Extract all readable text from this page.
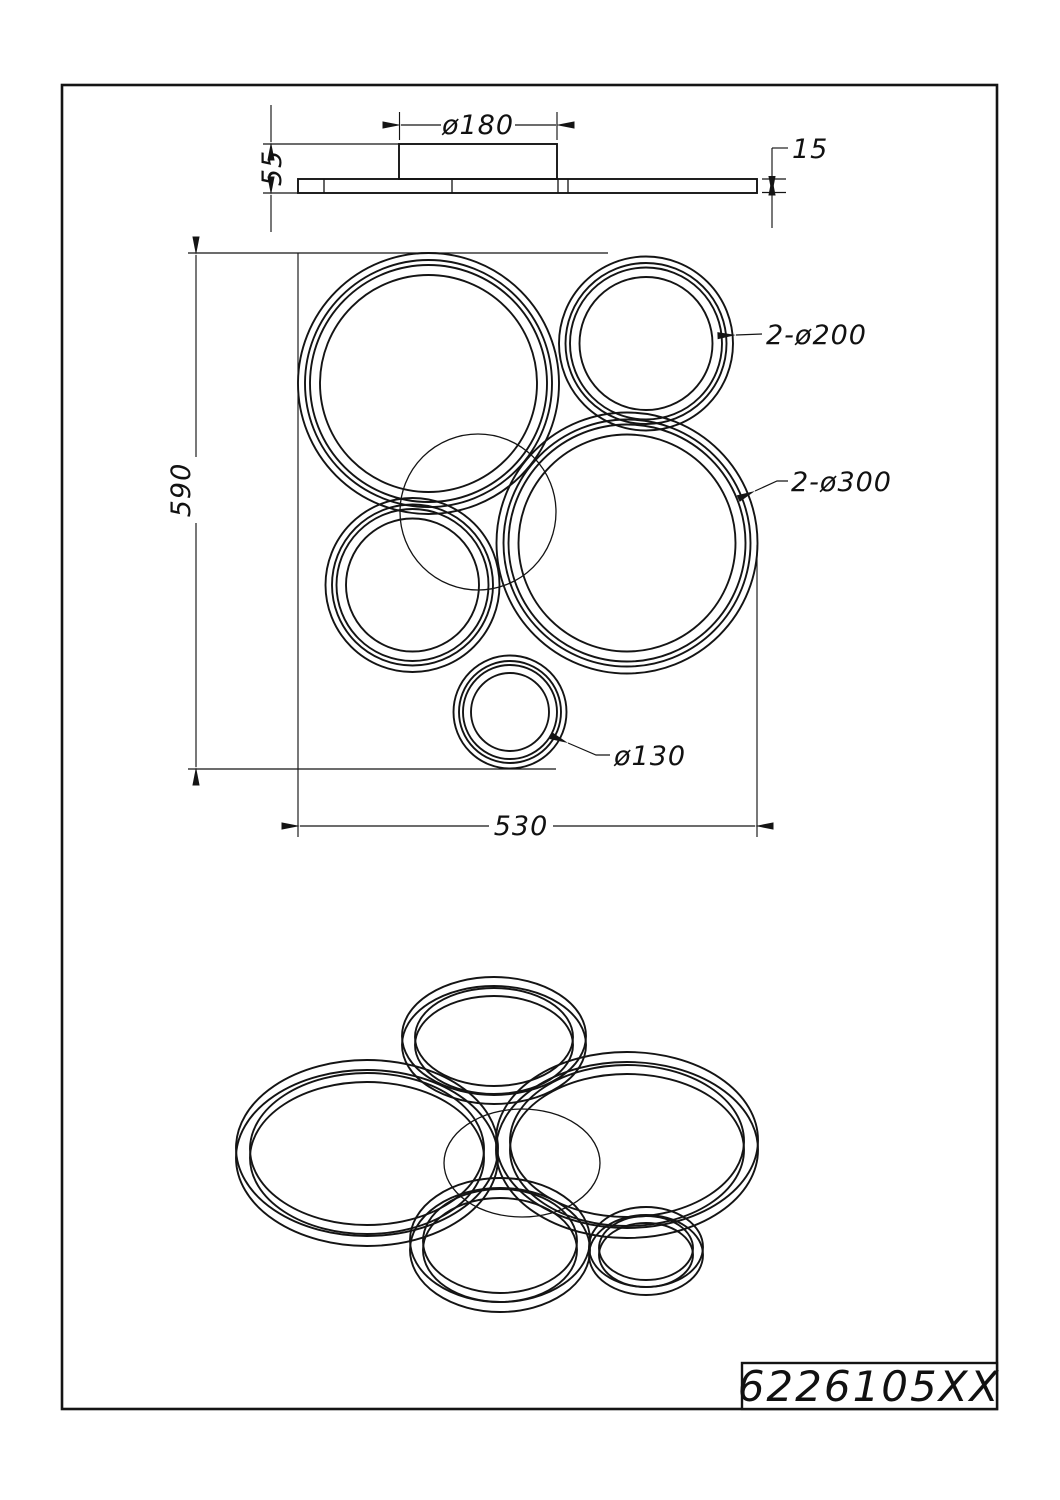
ø180
55
15
590
530
2-ø200
2-ø300
ø130
6226105XX
